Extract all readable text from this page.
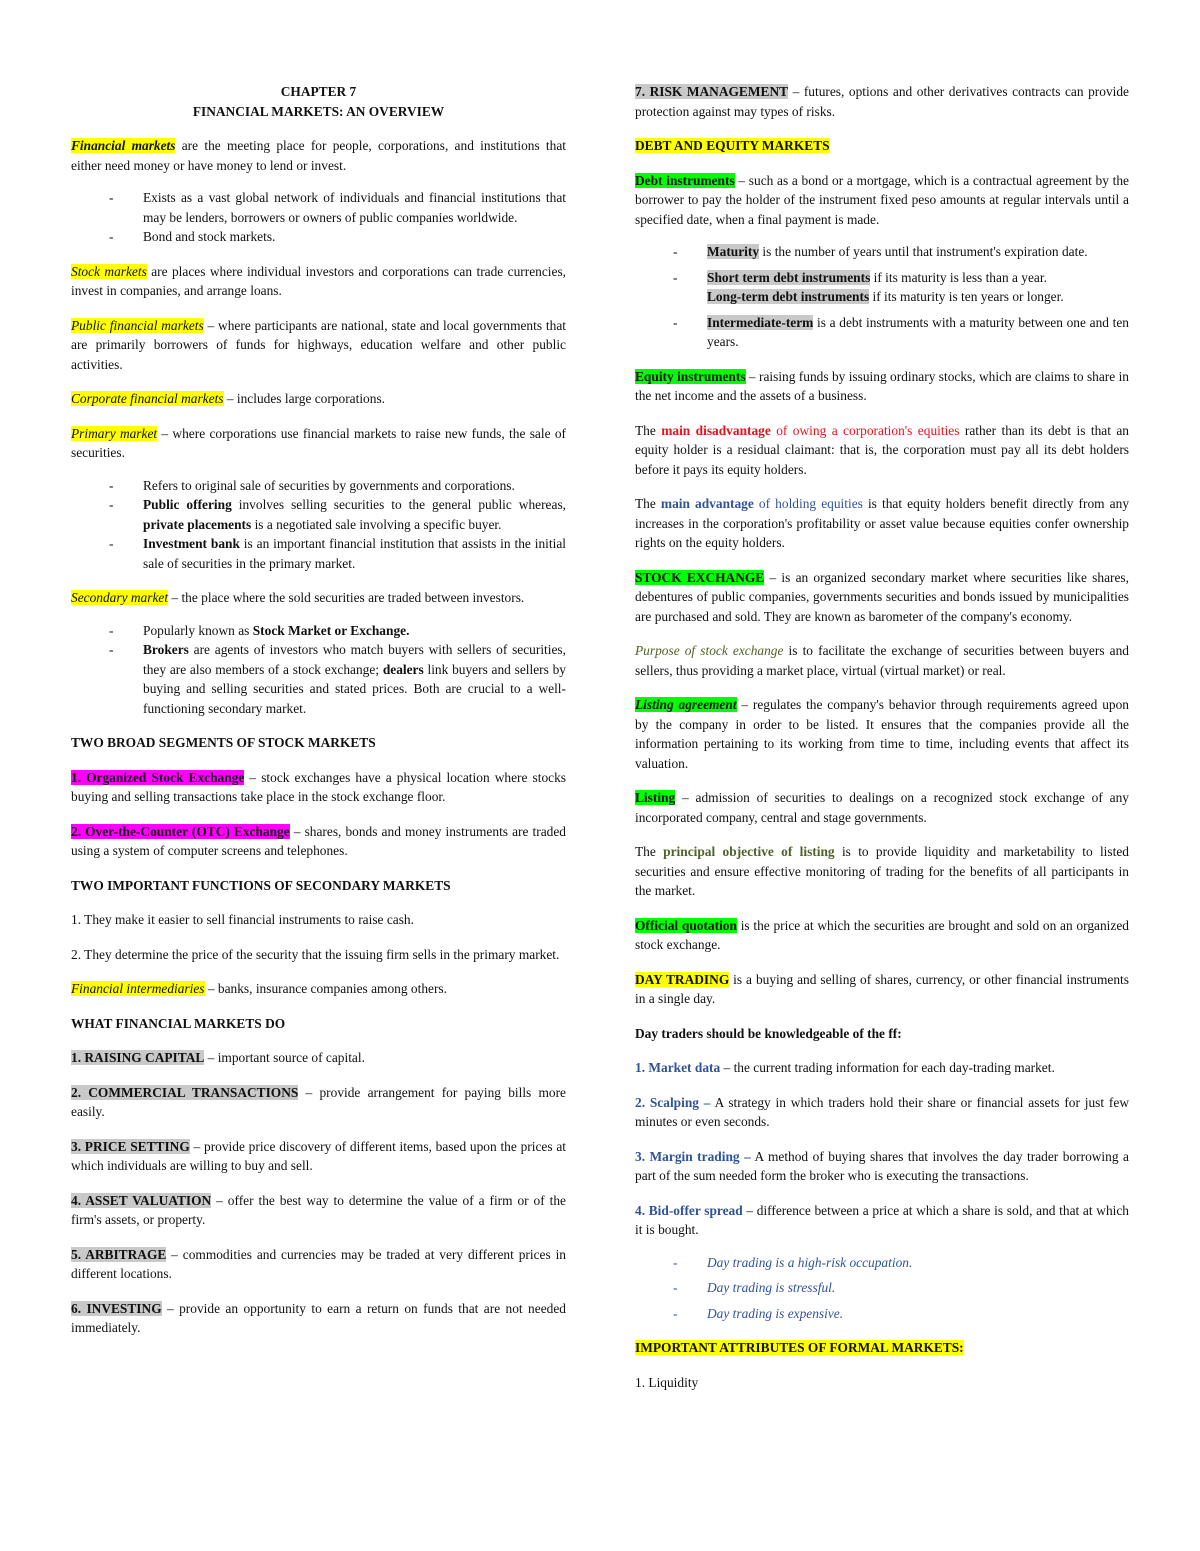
CHAPTER 7

FINANCIAL MARKETS: AN OVERVIEW

Financial markets are the meeting place for people, corporations, and institutions that either need money or have money to lend or invest.

- Exists as a vast global network of individuals and financial institutions that may be lenders, borrowers or owners of public companies worldwide.
- Bond and stock markets.

Stock markets are places where individual investors and corporations can trade currencies, invest in companies, and arrange loans.

Public financial markets – where participants are national, state and local governments that are primarily borrowers of funds for highways, education welfare and other public activities.

Corporate financial markets – includes large corporations.

Primary market – where corporations use financial markets to raise new funds, the sale of securities.

- Refers to original sale of securities by governments and corporations.
- Public offering involves selling securities to the general public whereas, private placements is a negotiated sale involving a specific buyer.
- Investment bank is an important financial institution that assists in the initial sale of securities in the primary market.

Secondary market – the place where the sold securities are traded between investors.

- Popularly known as Stock Market or Exchange.
- Brokers are agents of investors who match buyers with sellers of securities, they are also members of a stock exchange; dealers link buyers and sellers by buying and selling securities and stated prices. Both are crucial to a well-functioning secondary market.

TWO BROAD SEGMENTS OF STOCK MARKETS

1. Organized Stock Exchange – stock exchanges have a physical location where stocks buying and selling transactions take place in the stock exchange floor.

2. Over-the-Counter (OTC) Exchange – shares, bonds and money instruments are traded using a system of computer screens and telephones.

TWO IMPORTANT FUNCTIONS OF SECONDARY MARKETS

1. They make it easier to sell financial instruments to raise cash.

2. They determine the price of the security that the issuing firm sells in the primary market.

Financial intermediaries – banks, insurance companies among others.

WHAT FINANCIAL MARKETS DO

1. RAISING CAPITAL – important source of capital.

2. COMMERCIAL TRANSACTIONS – provide arrangement for paying bills more easily.

3. PRICE SETTING – provide price discovery of different items, based upon the prices at which individuals are willing to buy and sell.

4. ASSET VALUATION – offer the best way to determine the value of a firm or of the firm's assets, or property.

5. ARBITRAGE – commodities and currencies may be traded at very different prices in different locations.

6. INVESTING – provide an opportunity to earn a return on funds that are not needed immediately.

7. RISK MANAGEMENT – futures, options and other derivatives contracts can provide protection against may types of risks.

DEBT AND EQUITY MARKETS

Debt instruments – such as a bond or a mortgage, which is a contractual agreement by the borrower to pay the holder of the instrument fixed peso amounts at regular intervals until a specified date, when a final payment is made.

- Maturity is the number of years until that instrument's expiration date.
- Short term debt instruments if its maturity is less than a year.
Long-term debt instruments if its maturity is ten years or longer.
- Intermediate-term is a debt instruments with a maturity between one and ten years.

Equity instruments – raising funds by issuing ordinary stocks, which are claims to share in the net income and the assets of a business.

The main disadvantage of owing a corporation's equities rather than its debt is that an equity holder is a residual claimant: that is, the corporation must pay all its debt holders before it pays its equity holders.

The main advantage of holding equities is that equity holders benefit directly from any increases in the corporation's profitability or asset value because equities confer ownership rights on the equity holders.

STOCK EXCHANGE – is an organized secondary market where securities like shares, debentures of public companies, governments securities and bonds issued by municipalities are purchased and sold. They are known as barometer of the company's economy.

Purpose of stock exchange is to facilitate the exchange of securities between buyers and sellers, thus providing a market place, virtual (virtual market) or real.

Listing agreement – regulates the company's behavior through requirements agreed upon by the company in order to be listed. It ensures that the companies provide all the information pertaining to its working from time to time, including events that affect its valuation.

Listing – admission of securities to dealings on a recognized stock exchange of any incorporated company, central and stage governments.

The principal objective of listing is to provide liquidity and marketability to listed securities and ensure effective monitoring of trading for the benefits of all participants in the market.

Official quotation is the price at which the securities are brought and sold on an organized stock exchange.

DAY TRADING is a buying and selling of shares, currency, or other financial instruments in a single day.

Day traders should be knowledgeable of the ff:

1. Market data – the current trading information for each day-trading market.

2. Scalping – A strategy in which traders hold their share or financial assets for just few minutes or even seconds.

3. Margin trading – A method of buying shares that involves the day trader borrowing a part of the sum needed form the broker who is executing the transactions.

4. Bid-offer spread – difference between a price at which a share is sold, and that at which it is bought.

- Day trading is a high-risk occupation.
- Day trading is stressful.
- Day trading is expensive.

IMPORTANT ATTRIBUTES OF FORMAL MARKETS:

1. Liquidity
